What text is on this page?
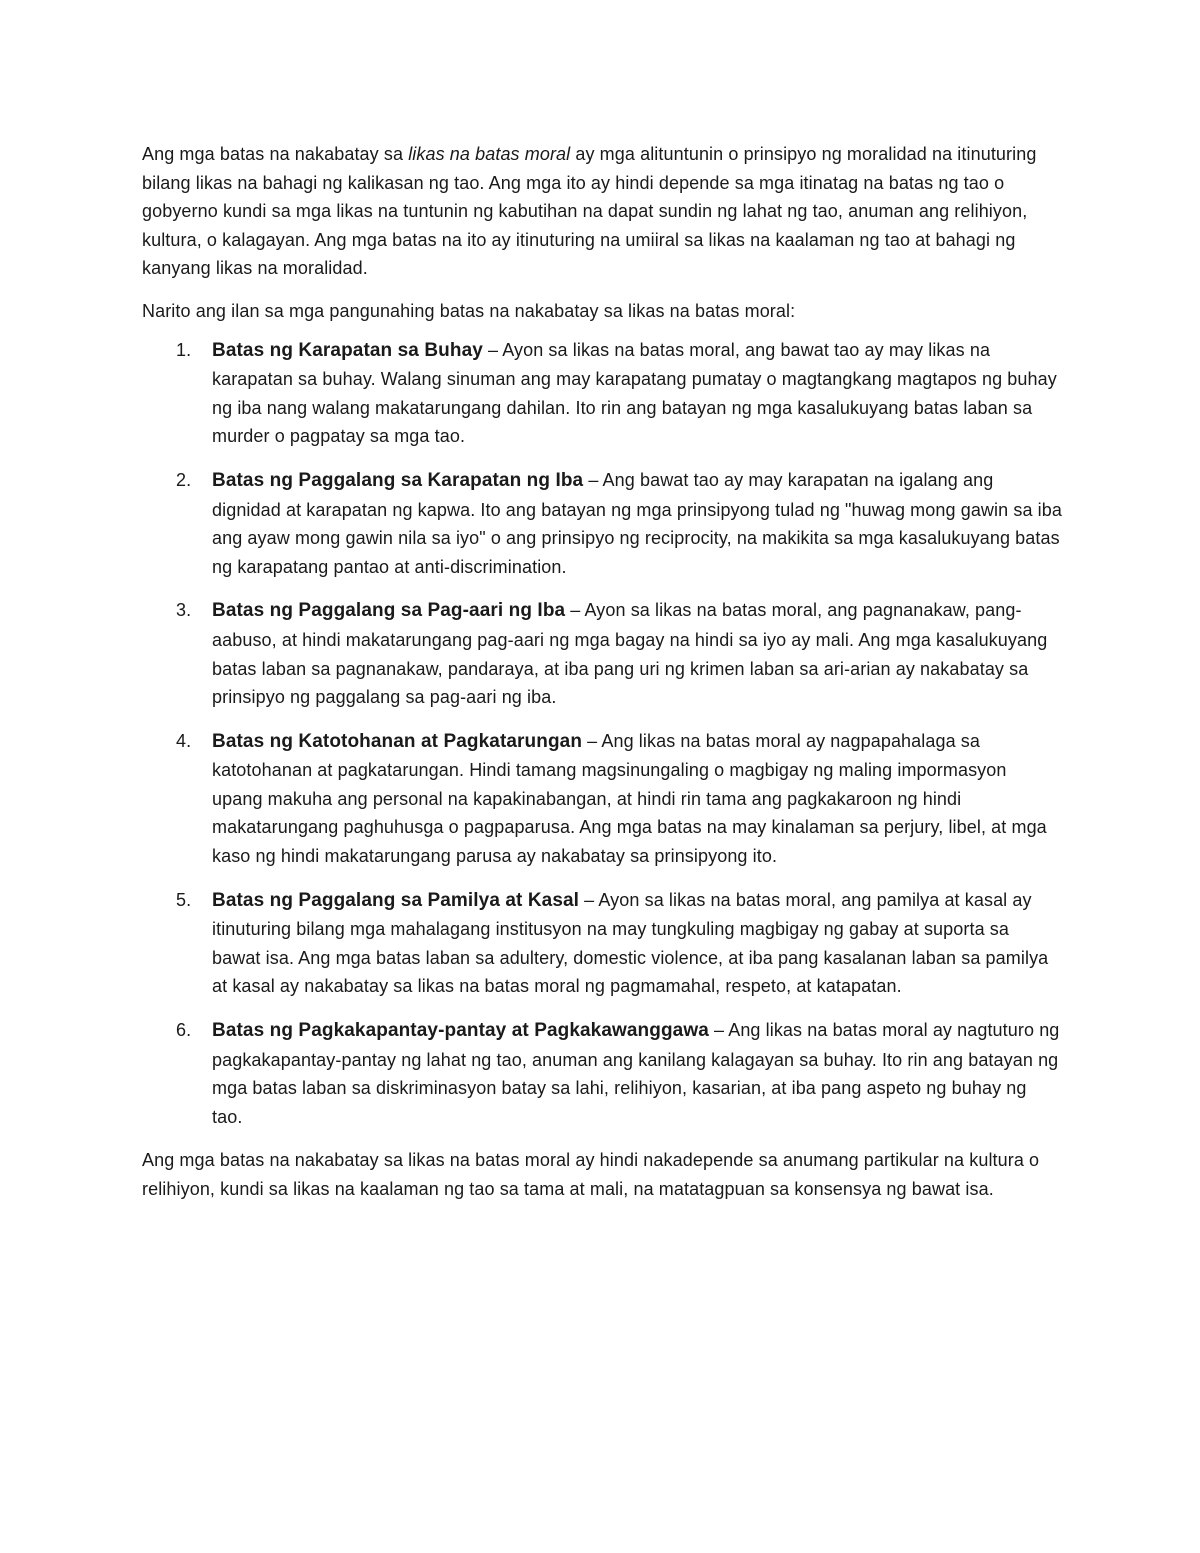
Ang mga batas na nakabatay sa likas na batas moral ay mga alituntunin o prinsipyo ng moralidad na itinuturing bilang likas na bahagi ng kalikasan ng tao. Ang mga ito ay hindi depende sa mga itinatag na batas ng tao o gobyerno kundi sa mga likas na tuntunin ng kabutihan na dapat sundin ng lahat ng tao, anuman ang relihiyon, kultura, o kalagayan. Ang mga batas na ito ay itinuturing na umiiral sa likas na kaalaman ng tao at bahagi ng kanyang likas na moralidad.

Narito ang ilan sa mga pangunahing batas na nakabatay sa likas na batas moral:

1. Batas ng Karapatan sa Buhay – Ayon sa likas na batas moral, ang bawat tao ay may likas na karapatan sa buhay. Walang sinuman ang may karapatang pumatay o magtangkang magtapos ng buhay ng iba nang walang makatarungang dahilan. Ito rin ang batayan ng mga kasalukuyang batas laban sa murder o pagpatay sa mga tao.
2. Batas ng Paggalang sa Karapatan ng Iba – Ang bawat tao ay may karapatan na igalang ang dignidad at karapatan ng kapwa. Ito ang batayan ng mga prinsipyong tulad ng "huwag mong gawin sa iba ang ayaw mong gawin nila sa iyo" o ang prinsipyo ng reciprocity, na makikita sa mga kasalukuyang batas ng karapatang pantao at anti-discrimination.
3. Batas ng Paggalang sa Pag-aari ng Iba – Ayon sa likas na batas moral, ang pagnanakaw, pang-aabuso, at hindi makatarungang pag-aari ng mga bagay na hindi sa iyo ay mali. Ang mga kasalukuyang batas laban sa pagnanakaw, pandaraya, at iba pang uri ng krimen laban sa ari-arian ay nakabatay sa prinsipyo ng paggalang sa pag-aari ng iba.
4. Batas ng Katotohanan at Pagkatarungan – Ang likas na batas moral ay nagpapahalaga sa katotohanan at pagkatarungan. Hindi tamang magsinungaling o magbigay ng maling impormasyon upang makuha ang personal na kapakinabangan, at hindi rin tama ang pagkakaroon ng hindi makatarungang paghuhusga o pagpaparusa. Ang mga batas na may kinalaman sa perjury, libel, at mga kaso ng hindi makatarungang parusa ay nakabatay sa prinsipyong ito.
5. Batas ng Paggalang sa Pamilya at Kasal – Ayon sa likas na batas moral, ang pamilya at kasal ay itinuturing bilang mga mahalagang institusyon na may tungkuling magbigay ng gabay at suporta sa bawat isa. Ang mga batas laban sa adultery, domestic violence, at iba pang kasalanan laban sa pamilya at kasal ay nakabatay sa likas na batas moral ng pagmamahal, respeto, at katapatan.
6. Batas ng Pagkakapantay-pantay at Pagkakawanggawa – Ang likas na batas moral ay nagtuturo ng pagkakapantay-pantay ng lahat ng tao, anuman ang kanilang kalagayan sa buhay. Ito rin ang batayan ng mga batas laban sa diskriminasyon batay sa lahi, relihiyon, kasarian, at iba pang aspeto ng buhay ng tao.

Ang mga batas na nakabatay sa likas na batas moral ay hindi nakadepende sa anumang partikular na kultura o relihiyon, kundi sa likas na kaalaman ng tao sa tama at mali, na matatagpuan sa konsensya ng bawat isa.
